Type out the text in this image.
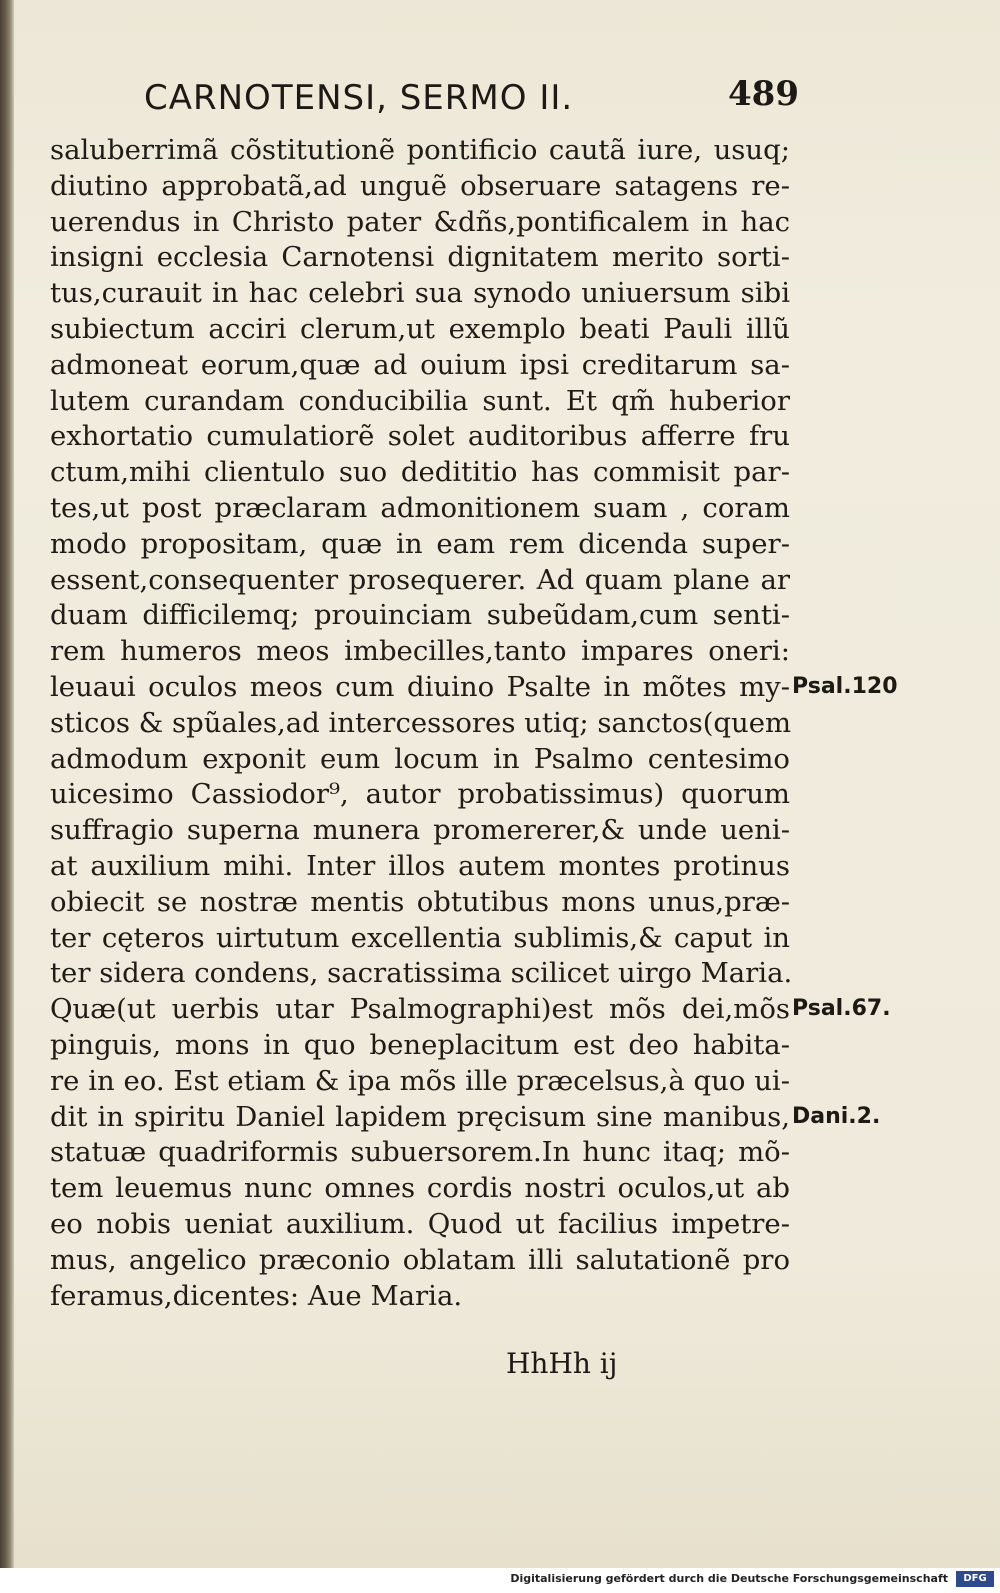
CARNOTENSI, SERMO II.	489
saluberrimã cõstitutionẽ pontificio cautã iure, usuq;
diutino approbatã,ad unguẽ obseruare satagens re-
uerendus in Christo pater &dñs,pontificalem in hac
insigni ecclesia Carnotensi dignitatem merito sorti-
tus,curauit in hac celebri sua synodo uniuersum sibi
subiectum acciri clerum,ut exemplo beati Pauli illũ
admoneat eorum,quæ ad ouium ipsi creditarum sa-
lutem curandam conducibilia sunt. Et qm̃ huberior
exhortatio cumulatiorẽ solet auditoribus afferre fru
ctum,mihi clientulo suo dedititio has commisit par-
tes,ut post præclaram admonitionem suam , coram
modo propositam, quæ in eam rem dicenda super-
essent,consequenter prosequerer. Ad quam plane ar
duam difficilemq; prouinciam subeũdam,cum senti-
rem humeros meos imbecilles,tanto impares oneri:
leuaui oculos meos cum diuino Psalte in mõtes my-
sticos & spũales,ad intercessores utiq; sanctos(quem
admodum exponit eum locum in Psalmo centesimo
uicesimo Cassiodor⁹, autor probatissimus) quorum
suffragio superna munera promererer,& unde ueni-
at auxilium mihi. Inter illos autem montes protinus
obiecit se nostræ mentis obtutibus mons unus,præ-
ter cęteros uirtutum excellentia sublimis,& caput in
ter sidera condens, sacratissima scilicet uirgo Maria.
Quæ(ut uerbis utar Psalmographi)est mõs dei,mõs
pinguis, mons in quo beneplacitum est deo habita-
re in eo. Est etiam & ipa mõs ille præcelsus,à quo ui-
dit in spiritu Daniel lapidem pręcisum sine manibus,
statuæ quadriformis subuersorem.In hunc itaq; mõ-
tem leuemus nunc omnes cordis nostri oculos,ut ab
eo nobis ueniat auxilium. Quod ut facilius impetre-
mus, angelico præconio oblatam illi salutationẽ pro
feramus,dicentes: Aue Maria.
Psal.120
Psal.67.
Dani.2.
HhHh ij
Digitalisierung gefördert durch die Deutsche Forschungsgemeinschaft	DFG
